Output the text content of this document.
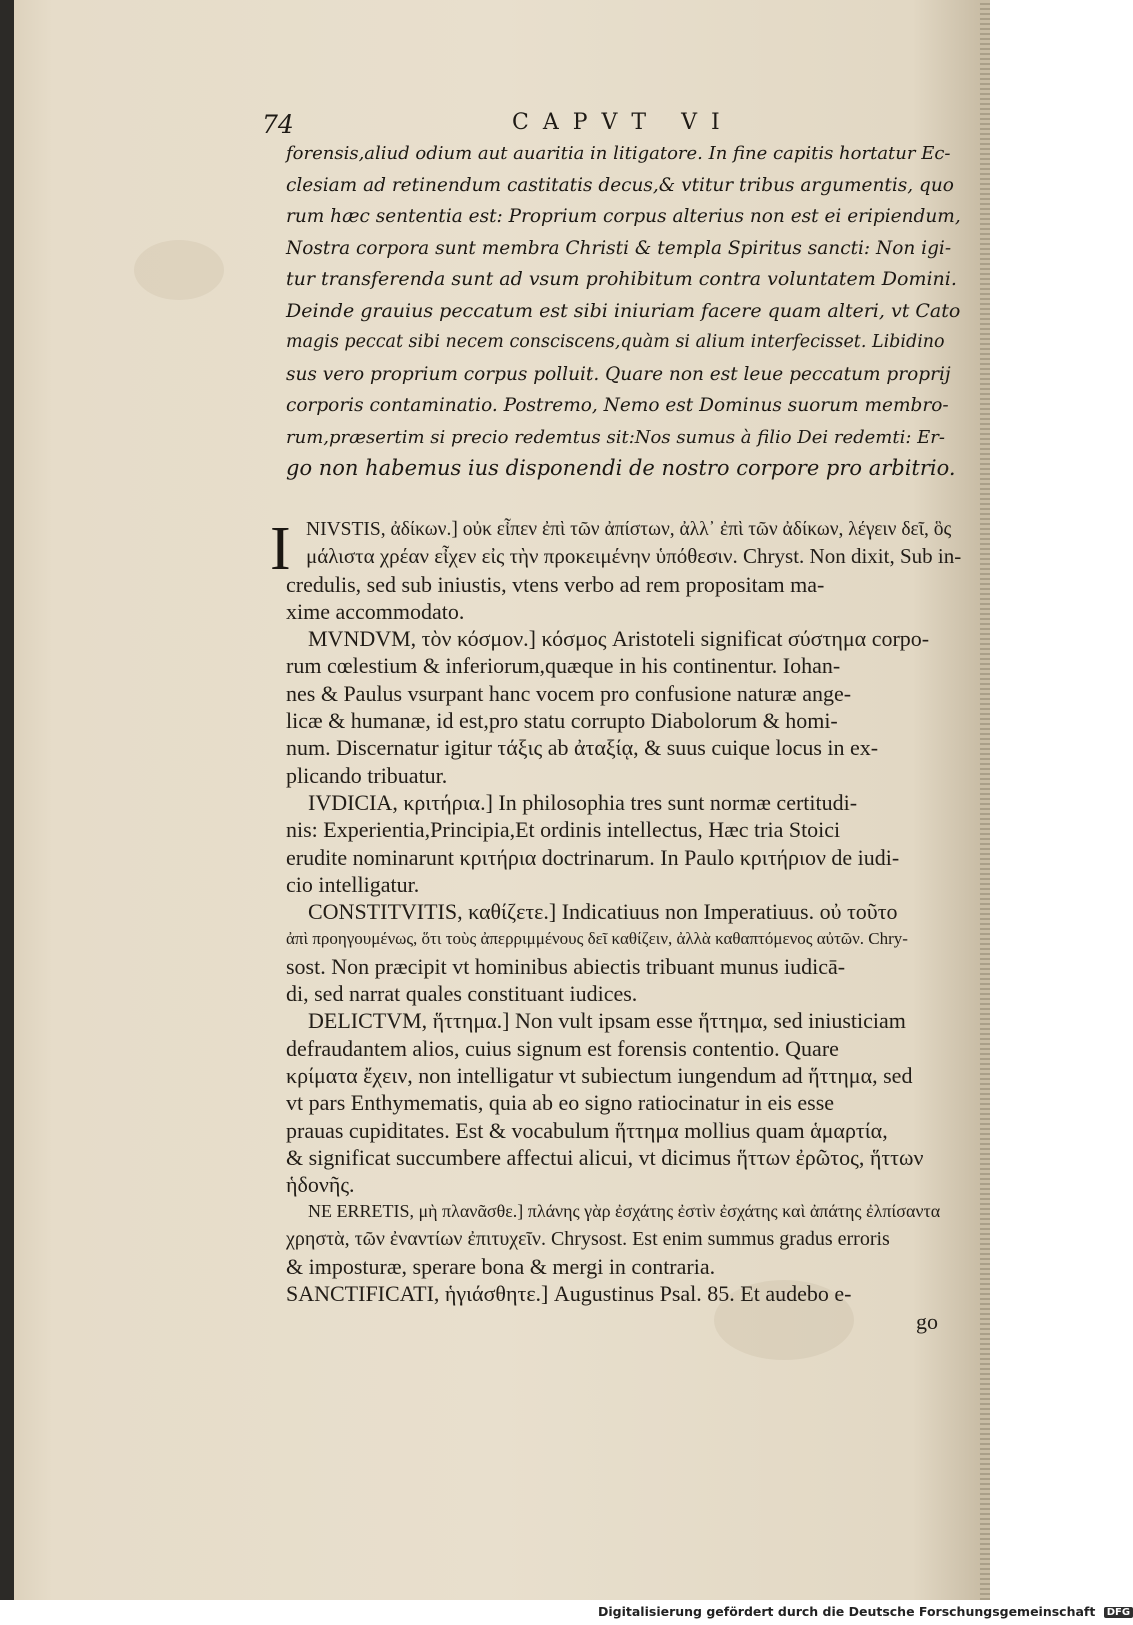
74	CAPVT VI
forensis,aliud odium aut auaritia in litigatore. In fine capitis hortatur Ec-
clesiam ad retinendum castitatis decus,& vtitur tribus argumentis, quo
rum hæc sententia est: Proprium corpus alterius non est ei eripiendum,
Nostra corpora sunt membra Christi & templa Spiritus sancti: Non igi-
tur transferenda sunt ad vsum prohibitum contra voluntatem Domini.
Deinde grauius peccatum est sibi iniuriam facere quam alteri, vt Cato
magis peccat sibi necem consciscens,quàm si alium interfecisset. Libidino
sus vero proprium corpus polluit. Quare non est leue peccatum proprij
corporis contaminatio. Postremo, Nemo est Dominus suorum membro-
rum,præsertim si precio redemtus sit:Nos sumus à filio Dei redemti: Er-
go non habemus ius disponendi de nostro corpore pro arbitrio.
I NIVSTIS, ἀδίκων.] οὐκ εἶπεν ἐπὶ τῶν ἀπίστων, ἀλλ᾽ ἐπὶ τῶν ἀδίκων, λέγειν δεῖ, ὃς
μάλιστα χρέαν εἶχεν εἰς τὴν προκειμένην ὑπόθεσιν. Chryst. Non dixit, Sub in-
credulis, sed sub iniustis, vtens verbo ad rem propositam ma-
xime accommodato.
MVNDVM, τὸν κόσμον.] κόσμος Aristoteli significat σύστημα corpo-
rum cœlestium & inferiorum,quæque in his continentur. Iohan-
nes & Paulus vsurpant hanc vocem pro confusione naturæ ange-
licæ & humanæ, id est,pro statu corrupto Diabolorum & homi-
num. Discernatur igitur τάξις ab ἀταξίᾳ, & suus cuique locus in ex-
plicando tribuatur.
IVDICIA, κριτήρια.] In philosophia tres sunt normæ certitudi-
nis: Experientia,Principia,Et ordinis intellectus, Hæc tria Stoici
erudite nominarunt κριτήρια doctrinarum. In Paulo κριτήριον de iudi-
cio intelligatur.
CONSTITVITIS, καθίζετε.] Indicatiuus non Imperatiuus. οὐ τοῦτο
ἀπὶ προηγουμένως, ὅτι τοὺς ἀπερριμμένους δεῖ καθίζειν, ἀλλὰ καθαπτόμενος αὐτῶν. Chry-
sost. Non præcipit vt hominibus abiectis tribuant munus iudicā-
di, sed narrat quales constituant iudices.
DELICTVM, ἥττημα.] Non vult ipsam esse ἥττημα, sed iniusticiam
defraudantem alios, cuius signum est forensis contentio. Quare
κρίματα ἔχειν, non intelligatur vt subiectum iungendum ad ἥττημα, sed
vt pars Enthymematis, quia ab eo signo ratiocinatur in eis esse
prauas cupiditates. Est & vocabulum ἥττημα mollius quam ἁμαρτία,
& significat succumbere affectui alicui, vt dicimus ἥττων ἐρῶτος, ἥττων
ἡδονῆς.
NE ERRETIS, μὴ πλανᾶσθε.] πλάνης γὰρ ἐσχάτης ἐστὶν ἐσχάτης καὶ ἀπάτης ἐλπίσαντα
χρηστὰ, τῶν ἐναντίων ἐπιτυχεῖν. Chrysost. Est enim summus gradus erroris
& imposturæ, sperare bona & mergi in contraria.
SANCTIFICATI, ἡγιάσθητε.] Augustinus Psal. 85. Et audebo e-
go
Digitalisierung gefördert durch die Deutsche Forschungsgemeinschaft DFG
